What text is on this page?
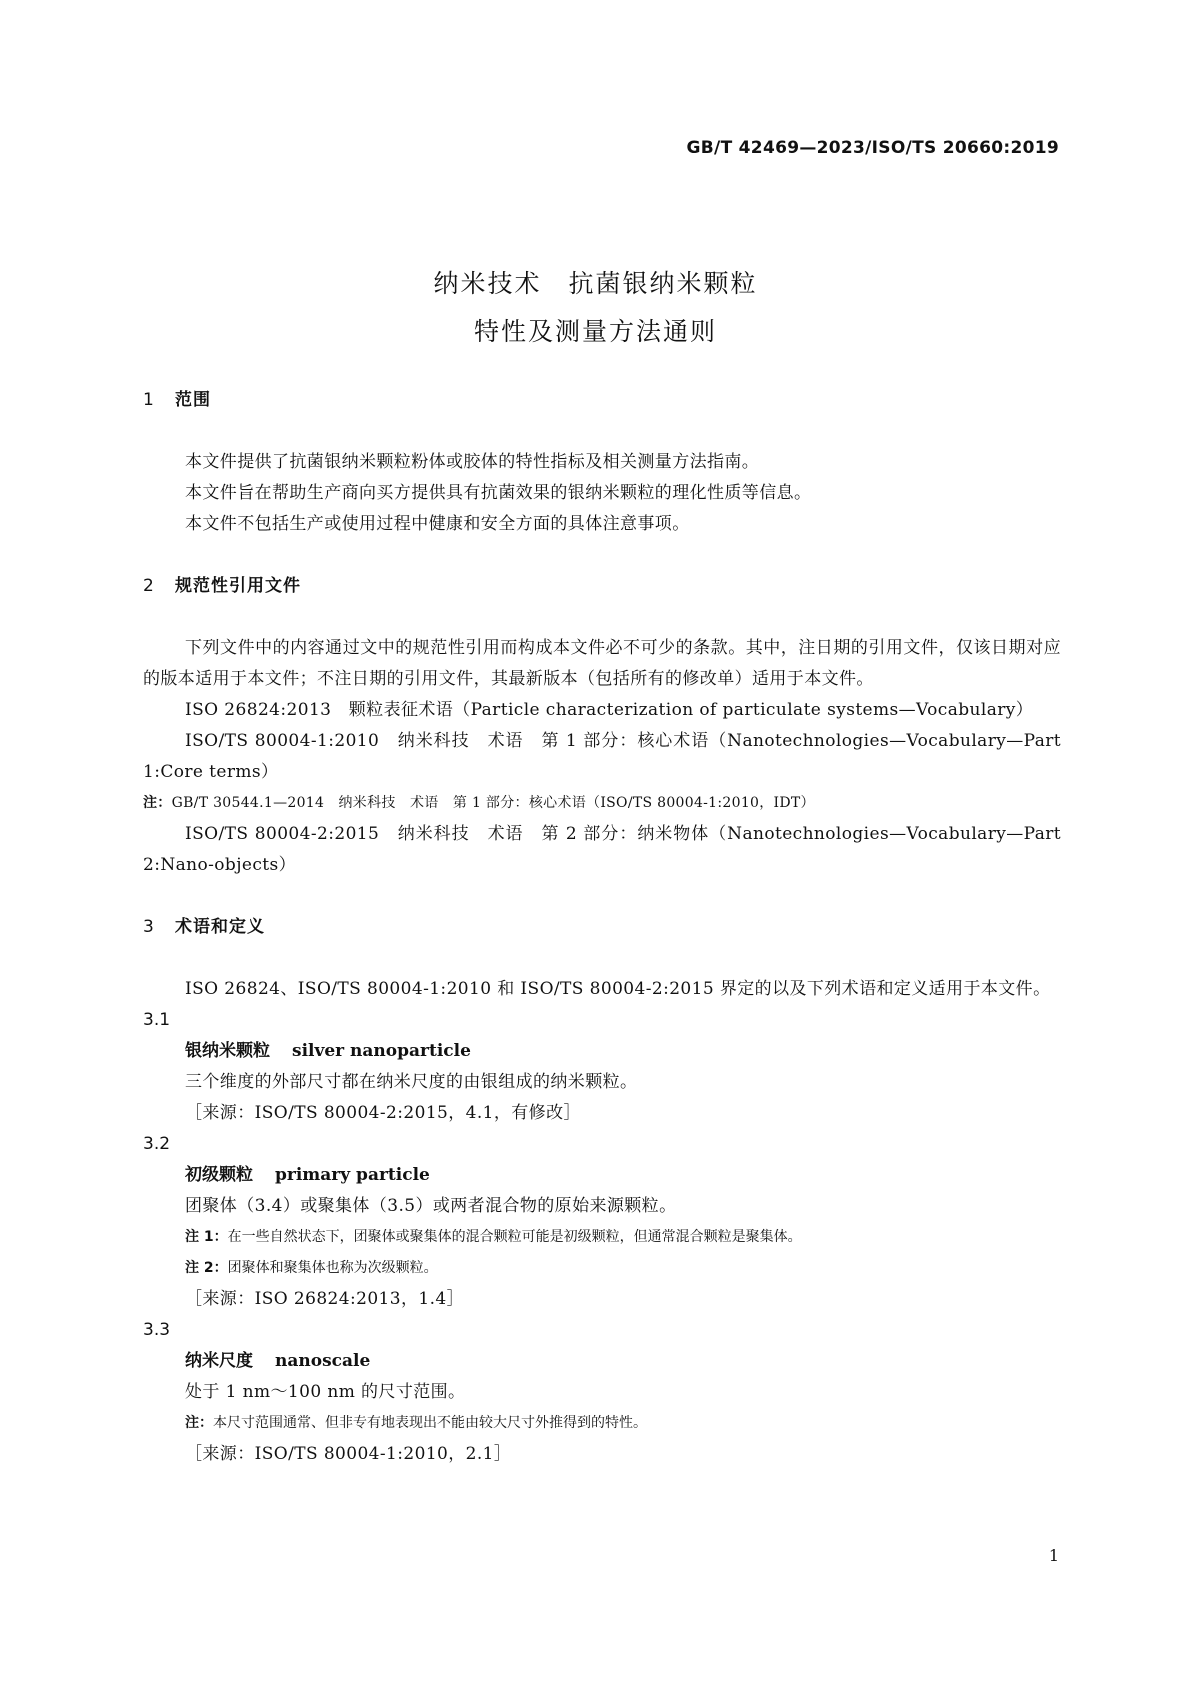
GB/T 42469—2023/ISO/TS 20660:2019
纳米技术　抗菌银纳米颗粒
特性及测量方法通则
1 范围

本文件提供了抗菌银纳米颗粒粉体或胶体的特性指标及相关测量方法指南。

本文件旨在帮助生产商向买方提供具有抗菌效果的银纳米颗粒的理化性质等信息。

本文件不包括生产或使用过程中健康和安全方面的具体注意事项。

2 规范性引用文件

下列文件中的内容通过文中的规范性引用而构成本文件必不可少的条款。其中，注日期的引用文件，仅该日期对应的版本适用于本文件；不注日期的引用文件，其最新版本（包括所有的修改单）适用于本文件。

ISO 26824:2013　颗粒表征术语（Particle characterization of particulate systems—Vocabulary）

ISO/TS 80004-1:2010　纳米科技　术语　第 1 部分：核心术语（Nanotechnologies—Vocabulary—Part 1:Core terms）

注：GB/T 30544.1—2014　纳米科技　术语　第 1 部分：核心术语（ISO/TS 80004-1:2010，IDT）

ISO/TS 80004-2:2015　纳米科技　术语　第 2 部分：纳米物体（Nanotechnologies—Vocabulary—Part 2:Nano-objects）

3 术语和定义

ISO 26824、ISO/TS 80004-1:2010 和 ISO/TS 80004-2:2015 界定的以及下列术语和定义适用于本文件。

3.1

银纳米颗粒 silver nanoparticle

三个维度的外部尺寸都在纳米尺度的由银组成的纳米颗粒。

［来源：ISO/TS 80004-2:2015，4.1，有修改］

3.2

初级颗粒 primary particle

团聚体（3.4）或聚集体（3.5）或两者混合物的原始来源颗粒。

注 1：在一些自然状态下，团聚体或聚集体的混合颗粒可能是初级颗粒，但通常混合颗粒是聚集体。

注 2：团聚体和聚集体也称为次级颗粒。

［来源：ISO 26824:2013，1.4］

3.3

纳米尺度 nanoscale

处于 1 nm～100 nm 的尺寸范围。

注：本尺寸范围通常、但非专有地表现出不能由较大尺寸外推得到的特性。

［来源：ISO/TS 80004-1:2010，2.1］

1
